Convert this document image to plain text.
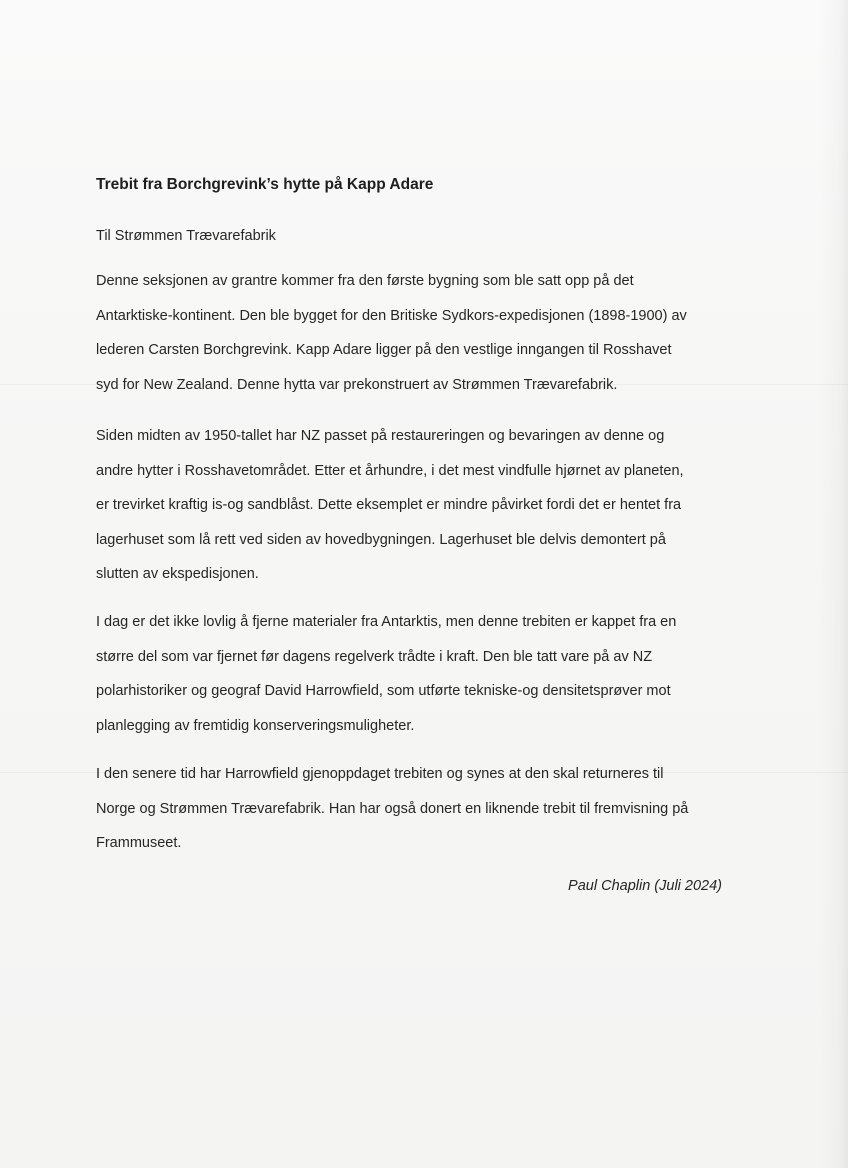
Trebit fra Borchgrevink’s hytte på Kapp Adare
Til Strømmen Trævarefabrik
Denne seksjonen av grantre kommer fra den første bygning som ble satt opp på det
Antarktiske-kontinent. Den ble bygget for den Britiske Sydkors-expedisjonen (1898-1900) av
lederen Carsten Borchgrevink. Kapp Adare ligger på den vestlige inngangen til Rosshavet
syd for New Zealand. Denne hytta var prekonstruert av Strømmen Trævarefabrik.
Siden midten av 1950-tallet har NZ passet på restaureringen og bevaringen av denne og
andre hytter i Rosshavetområdet. Etter et århundre, i det mest vindfulle hjørnet av planeten,
er trevirket kraftig is-og sandblåst. Dette eksemplet er mindre påvirket fordi det er hentet fra
lagerhuset som lå rett ved siden av hovedbygningen. Lagerhuset ble delvis demontert på
slutten av ekspedisjonen.
I dag er det ikke lovlig å fjerne materialer fra Antarktis, men denne trebiten er kappet fra en
større del som var fjernet før dagens regelverk trådte i kraft. Den ble tatt vare på av NZ
polarhistoriker og geograf David Harrowfield, som utførte tekniske-og densitetsprøver mot
planlegging av fremtidig konserveringsmuligheter.
I den senere tid har Harrowfield gjenoppdaget trebiten og synes at den skal returneres til
Norge og Strømmen Trævarefabrik. Han har også donert en liknende trebit til fremvisning på
Frammuseet.
Paul Chaplin (Juli 2024)
